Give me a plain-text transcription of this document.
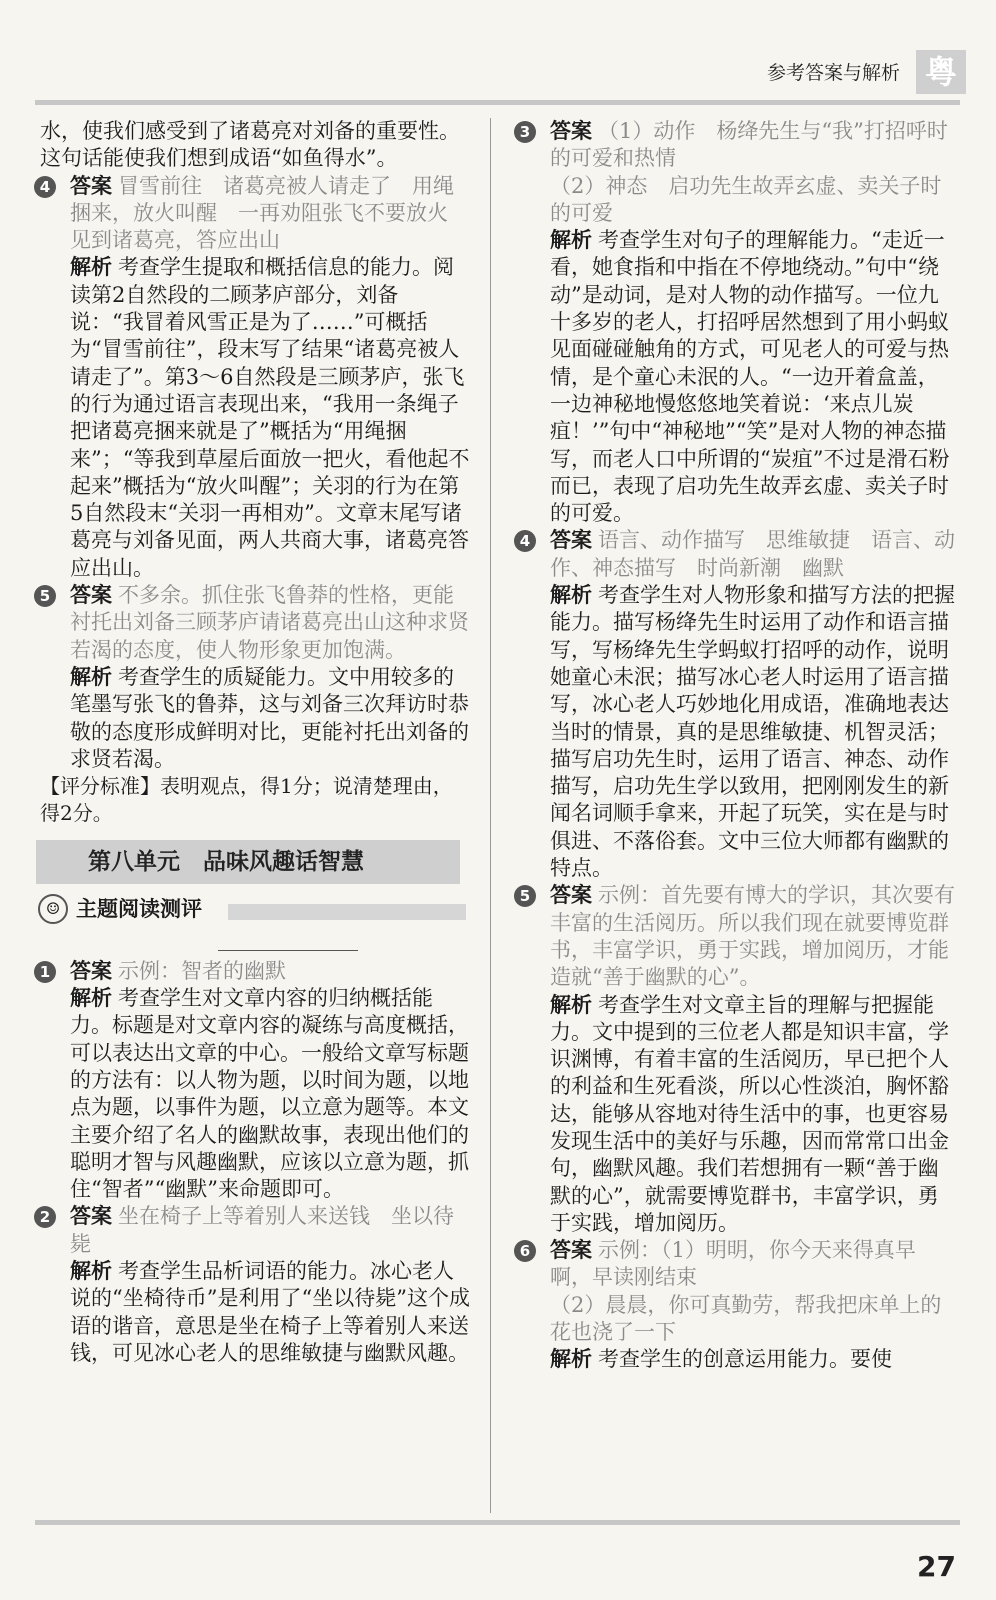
参考答案与解析 粤

水，使我们感受到了诸葛亮对刘备的重要性。这句话能使我们想到成语“如鱼得水”。

4 答案 冒雪前往　诸葛亮被人请走了　用绳捆来，放火叫醒　一再劝阻张飞不要放火　见到诸葛亮，答应出山
解析 考查学生提取和概括信息的能力。阅读第2自然段的二顾茅庐部分，刘备说：“我冒着风雪正是为了……”可概括为“冒雪前往”，段末写了结果“诸葛亮被人请走了”。第3～6自然段是三顾茅庐，张飞的行为通过语言表现出来，“我用一条绳子把诸葛亮捆来就是了”概括为“用绳捆来”；“等我到草屋后面放一把火，看他起不起来”概括为“放火叫醒”；关羽的行为在第5自然段末“关羽一再相劝”。文章末尾写诸葛亮与刘备见面，两人共商大事，诸葛亮答应出山。
5 答案 不多余。抓住张飞鲁莽的性格，更能衬托出刘备三顾茅庐请诸葛亮出山这种求贤若渴的态度，使人物形象更加饱满。
解析 考查学生的质疑能力。文中用较多的笔墨写张飞的鲁莽，这与刘备三次拜访时恭敬的态度形成鲜明对比，更能衬托出刘备的求贤若渴。

【评分标准】表明观点，得1分；说清楚理由，得2分。

第八单元　品味风趣话智慧
☺ 主题阅读测评
1 答案 示例：智者的幽默
解析 考查学生对文章内容的归纳概括能力。标题是对文章内容的凝练与高度概括，可以表达出文章的中心。一般给文章写标题的方法有：以人物为题，以时间为题，以地点为题，以事件为题，以立意为题等。本文主要介绍了名人的幽默故事，表现出他们的聪明才智与风趣幽默，应该以立意为题，抓住“智者”“幽默”来命题即可。
2 答案 坐在椅子上等着别人来送钱　坐以待毙
解析 考查学生品析词语的能力。冰心老人说的“坐椅待币”是利用了“坐以待毙”这个成语的谐音，意思是坐在椅子上等着别人来送钱，可见冰心老人的思维敏捷与幽默风趣。
3 答案 （1）动作　杨绛先生与“我”打招呼时的可爱和热情
（2）神态　启功先生故弄玄虚、卖关子时的可爱
解析 考查学生对句子的理解能力。“走近一看，她食指和中指在不停地绕动。”句中“绕动”是动词，是对人物的动作描写。一位九十多岁的老人，打招呼居然想到了用小蚂蚁见面碰碰触角的方式，可见老人的可爱与热情，是个童心未泯的人。“一边开着盒盖，一边神秘地慢悠悠地笑着说：‘来点儿炭疽！’”句中“神秘地”“笑”是对人物的神态描写，而老人口中所谓的“炭疽”不过是滑石粉而已，表现了启功先生故弄玄虚、卖关子时的可爱。
4 答案 语言、动作描写　思维敏捷　语言、动作、神态描写　时尚新潮　幽默
解析 考查学生对人物形象和描写方法的把握能力。描写杨绛先生时运用了动作和语言描写，写杨绛先生学蚂蚁打招呼的动作，说明她童心未泯；描写冰心老人时运用了语言描写，冰心老人巧妙地化用成语，准确地表达当时的情景，真的是思维敏捷、机智灵活；描写启功先生时，运用了语言、神态、动作描写，启功先生学以致用，把刚刚发生的新闻名词顺手拿来，开起了玩笑，实在是与时俱进、不落俗套。文中三位大师都有幽默的特点。
5 答案 示例：首先要有博大的学识，其次要有丰富的生活阅历。所以我们现在就要博览群书，丰富学识，勇于实践，增加阅历，才能造就“善于幽默的心”。
解析 考查学生对文章主旨的理解与把握能力。文中提到的三位老人都是知识丰富，学识渊博，有着丰富的生活阅历，早已把个人的利益和生死看淡，所以心性淡泊，胸怀豁达，能够从容地对待生活中的事，也更容易发现生活中的美好与乐趣，因而常常口出金句，幽默风趣。我们若想拥有一颗“善于幽默的心”，就需要博览群书，丰富学识，勇于实践，增加阅历。
6 答案 示例：（1）明明，你今天来得真早啊，早读刚结束
（2）晨晨，你可真勤劳，帮我把床单上的花也浇了一下
解析 考查学生的创意运用能力。要使
27
